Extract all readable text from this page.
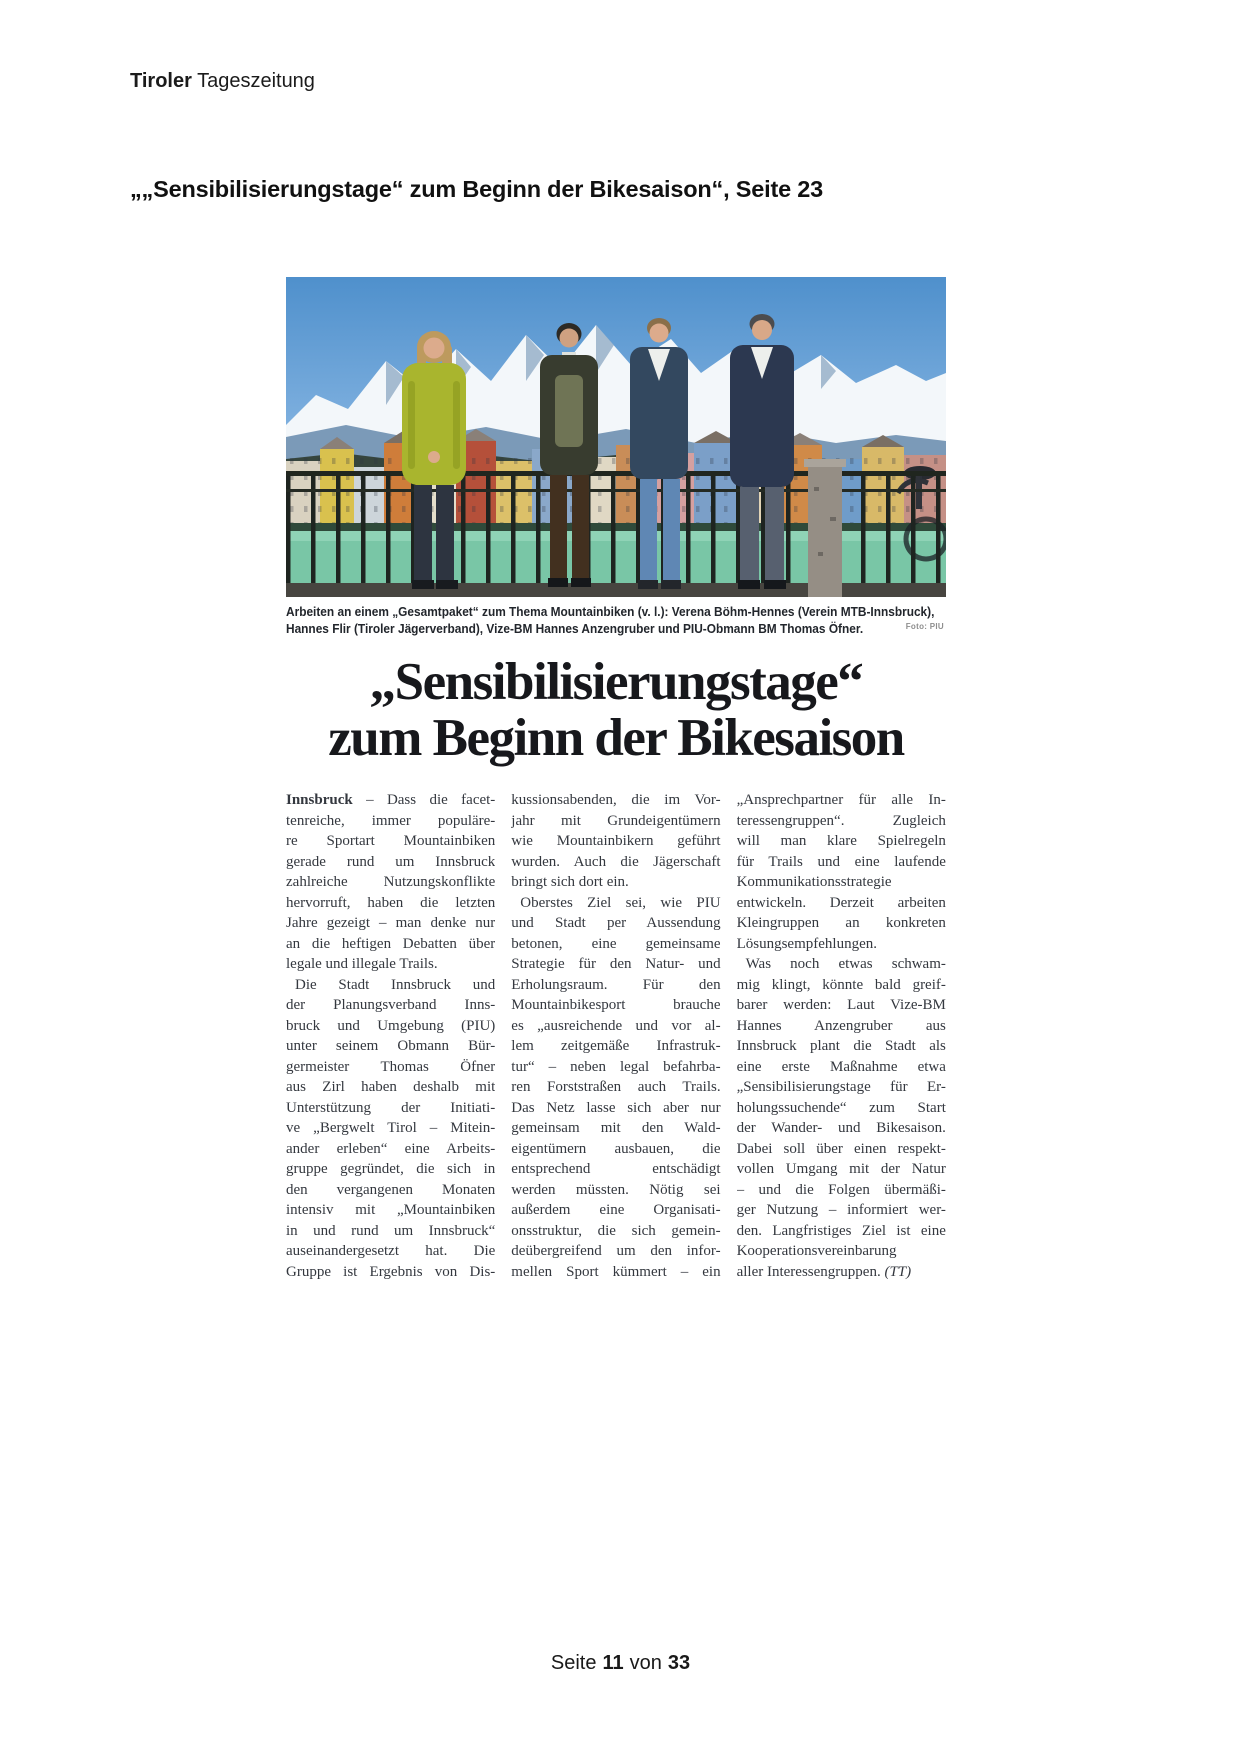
Tiroler Tageszeitung
„„Sensibilisierungstage“ zum Beginn der Bikesaison“, Seite 23
Arbeiten an einem „Gesamtpaket“ zum Thema Mountainbiken (v. l.): Verena Böhm-Hennes (Verein MTB-Innsbruck),
Hannes Flir (Tiroler Jägerverband), Vize-BM Hannes Anzengruber und PIU-Obmann BM Thomas Öfner.	Foto: PIU
„Sensibilisierungstage“
zum Beginn der Bikesaison
Innsbruck – Dass die facet-
tenreiche, immer populäre-
re Sportart Mountainbiken
gerade rund um Innsbruck
zahlreiche Nutzungskonflikte
hervorruft, haben die letzten
Jahre gezeigt – man denke nur
an die heftigen Debatten über
legale und illegale Trails.
Die Stadt Innsbruck und
der Planungsverband Inns-
bruck und Umgebung (PIU)
unter seinem Obmann Bür-
germeister Thomas Öfner
aus Zirl haben deshalb mit
Unterstützung der Initiati-
ve „Bergwelt Tirol – Mitein-
ander erleben“ eine Arbeits-
gruppe gegründet, die sich in
den vergangenen Monaten
intensiv mit „Mountainbiken
in und rund um Innsbruck“
auseinandergesetzt hat. Die
Gruppe ist Ergebnis von Dis-
kussionsabenden, die im Vor-
jahr mit Grundeigentümern
wie Mountainbikern geführt
wurden. Auch die Jägerschaft
bringt sich dort ein.
Oberstes Ziel sei, wie PIU
und Stadt per Aussendung
betonen, eine gemeinsame
Strategie für den Natur- und
Erholungsraum. Für den
Mountainbikesport brauche
es „ausreichende und vor al-
lem zeitgemäße Infrastruk-
tur“ – neben legal befahrba-
ren Forststraßen auch Trails.
Das Netz lasse sich aber nur
gemeinsam mit den Wald-
eigentümern ausbauen, die
entsprechend entschädigt
werden müssten. Nötig sei
außerdem eine Organisati-
onsstruktur, die sich gemein-
deübergreifend um den infor-
mellen Sport kümmert – ein
„Ansprechpartner für alle In-
teressengruppen“. Zugleich
will man klare Spielregeln
für Trails und eine laufende
Kommunikationsstrategie
entwickeln. Derzeit arbeiten
Kleingruppen an konkreten
Lösungsempfehlungen.
Was noch etwas schwam-
mig klingt, könnte bald greif-
barer werden: Laut Vize-BM
Hannes Anzengruber aus
Innsbruck plant die Stadt als
eine erste Maßnahme etwa
„Sensibilisierungstage für Er-
holungssuchende“ zum Start
der Wander- und Bikesaison.
Dabei soll über einen respekt-
vollen Umgang mit der Natur
– und die Folgen übermäßi-
ger Nutzung – informiert wer-
den. Langfristiges Ziel ist eine
Kooperationsvereinbarung
aller Interessengruppen. (TT)
Seite 11 von 33
